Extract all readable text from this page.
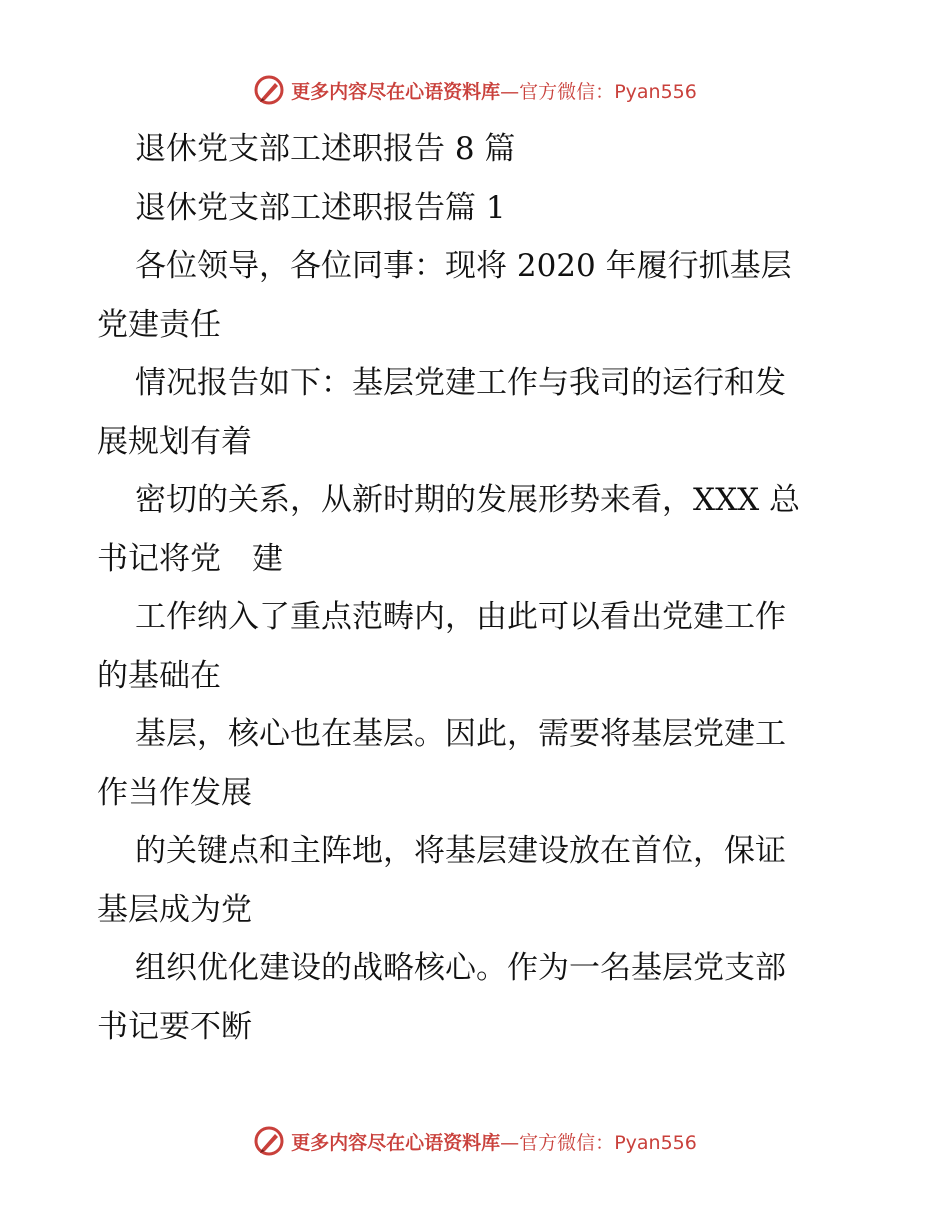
更多内容尽在心语资料库—官方微信：Pyan556
退休党支部工述职报告 8 篇
退休党支部工述职报告篇 1
各位领导，各位同事：现将 2020 年履行抓基层
党建责任
情况报告如下：基层党建工作与我司的运行和发
展规划有着
密切的关系，从新时期的发展形势来看，XXX 总
书记将党　建
工作纳入了重点范畴内，由此可以看出党建工作
的基础在
基层，核心也在基层。因此，需要将基层党建工
作当作发展
的关键点和主阵地，将基层建设放在首位，保证
基层成为党
组织优化建设的战略核心。作为一名基层党支部
书记要不断
更多内容尽在心语资料库—官方微信：Pyan556
